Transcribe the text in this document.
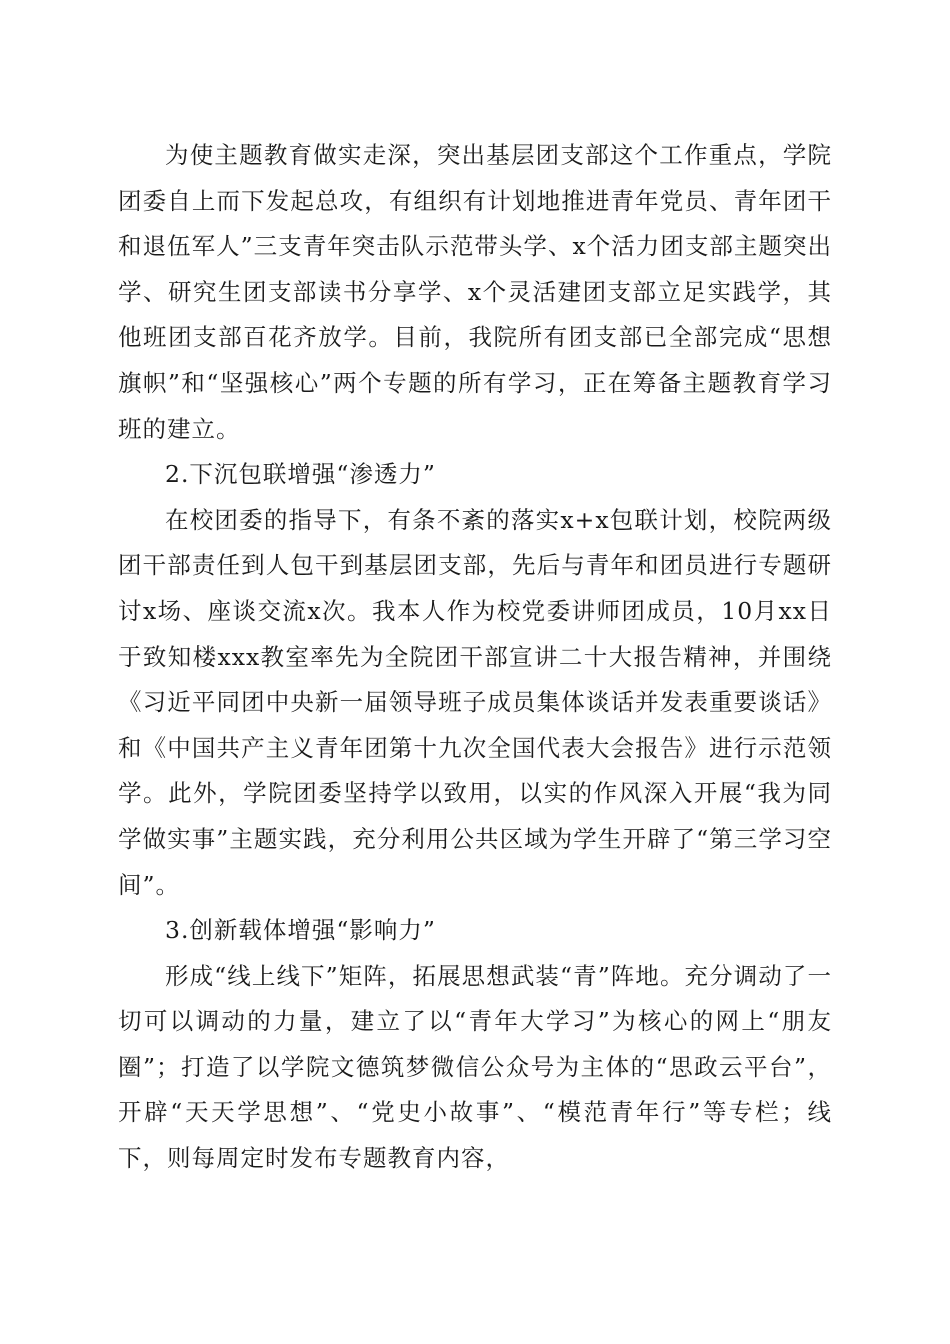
为使主题教育做实走深，突出基层团支部这个工作重点，学院团委自上而下发起总攻，有组织有计划地推进青年党员、青年团干和退伍军人”三支青年突击队示范带头学、x个活力团支部主题突出学、研究生团支部读书分享学、x个灵活建团支部立足实践学，其他班团支部百花齐放学。目前，我院所有团支部已全部完成“思想旗帜”和“坚强核心”两个专题的所有学习，正在筹备主题教育学习班的建立。

2.下沉包联增强“渗透力”

在校团委的指导下，有条不紊的落实x+x包联计划，校院两级团干部责任到人包干到基层团支部，先后与青年和团员进行专题研讨x场、座谈交流x次。我本人作为校党委讲师团成员，10月xx日于致知楼xxx教室率先为全院团干部宣讲二十大报告精神，并围绕《习近平同团中央新一届领导班子成员集体谈话并发表重要谈话》和《中国共产主义青年团第十九次全国代表大会报告》进行示范领学。此外，学院团委坚持学以致用，以实的作风深入开展“我为同学做实事”主题实践，充分利用公共区域为学生开辟了“第三学习空间”。

3.创新载体增强“影响力”

形成“线上线下”矩阵，拓展思想武装“青”阵地。充分调动了一切可以调动的力量，建立了以“青年大学习”为核心的网上“朋友圈”；打造了以学院文德筑梦微信公众号为主体的“思政云平台”，开辟“天天学思想”、“党史小故事”、“模范青年行”等专栏；线下，则每周定时发布专题教育内容，
